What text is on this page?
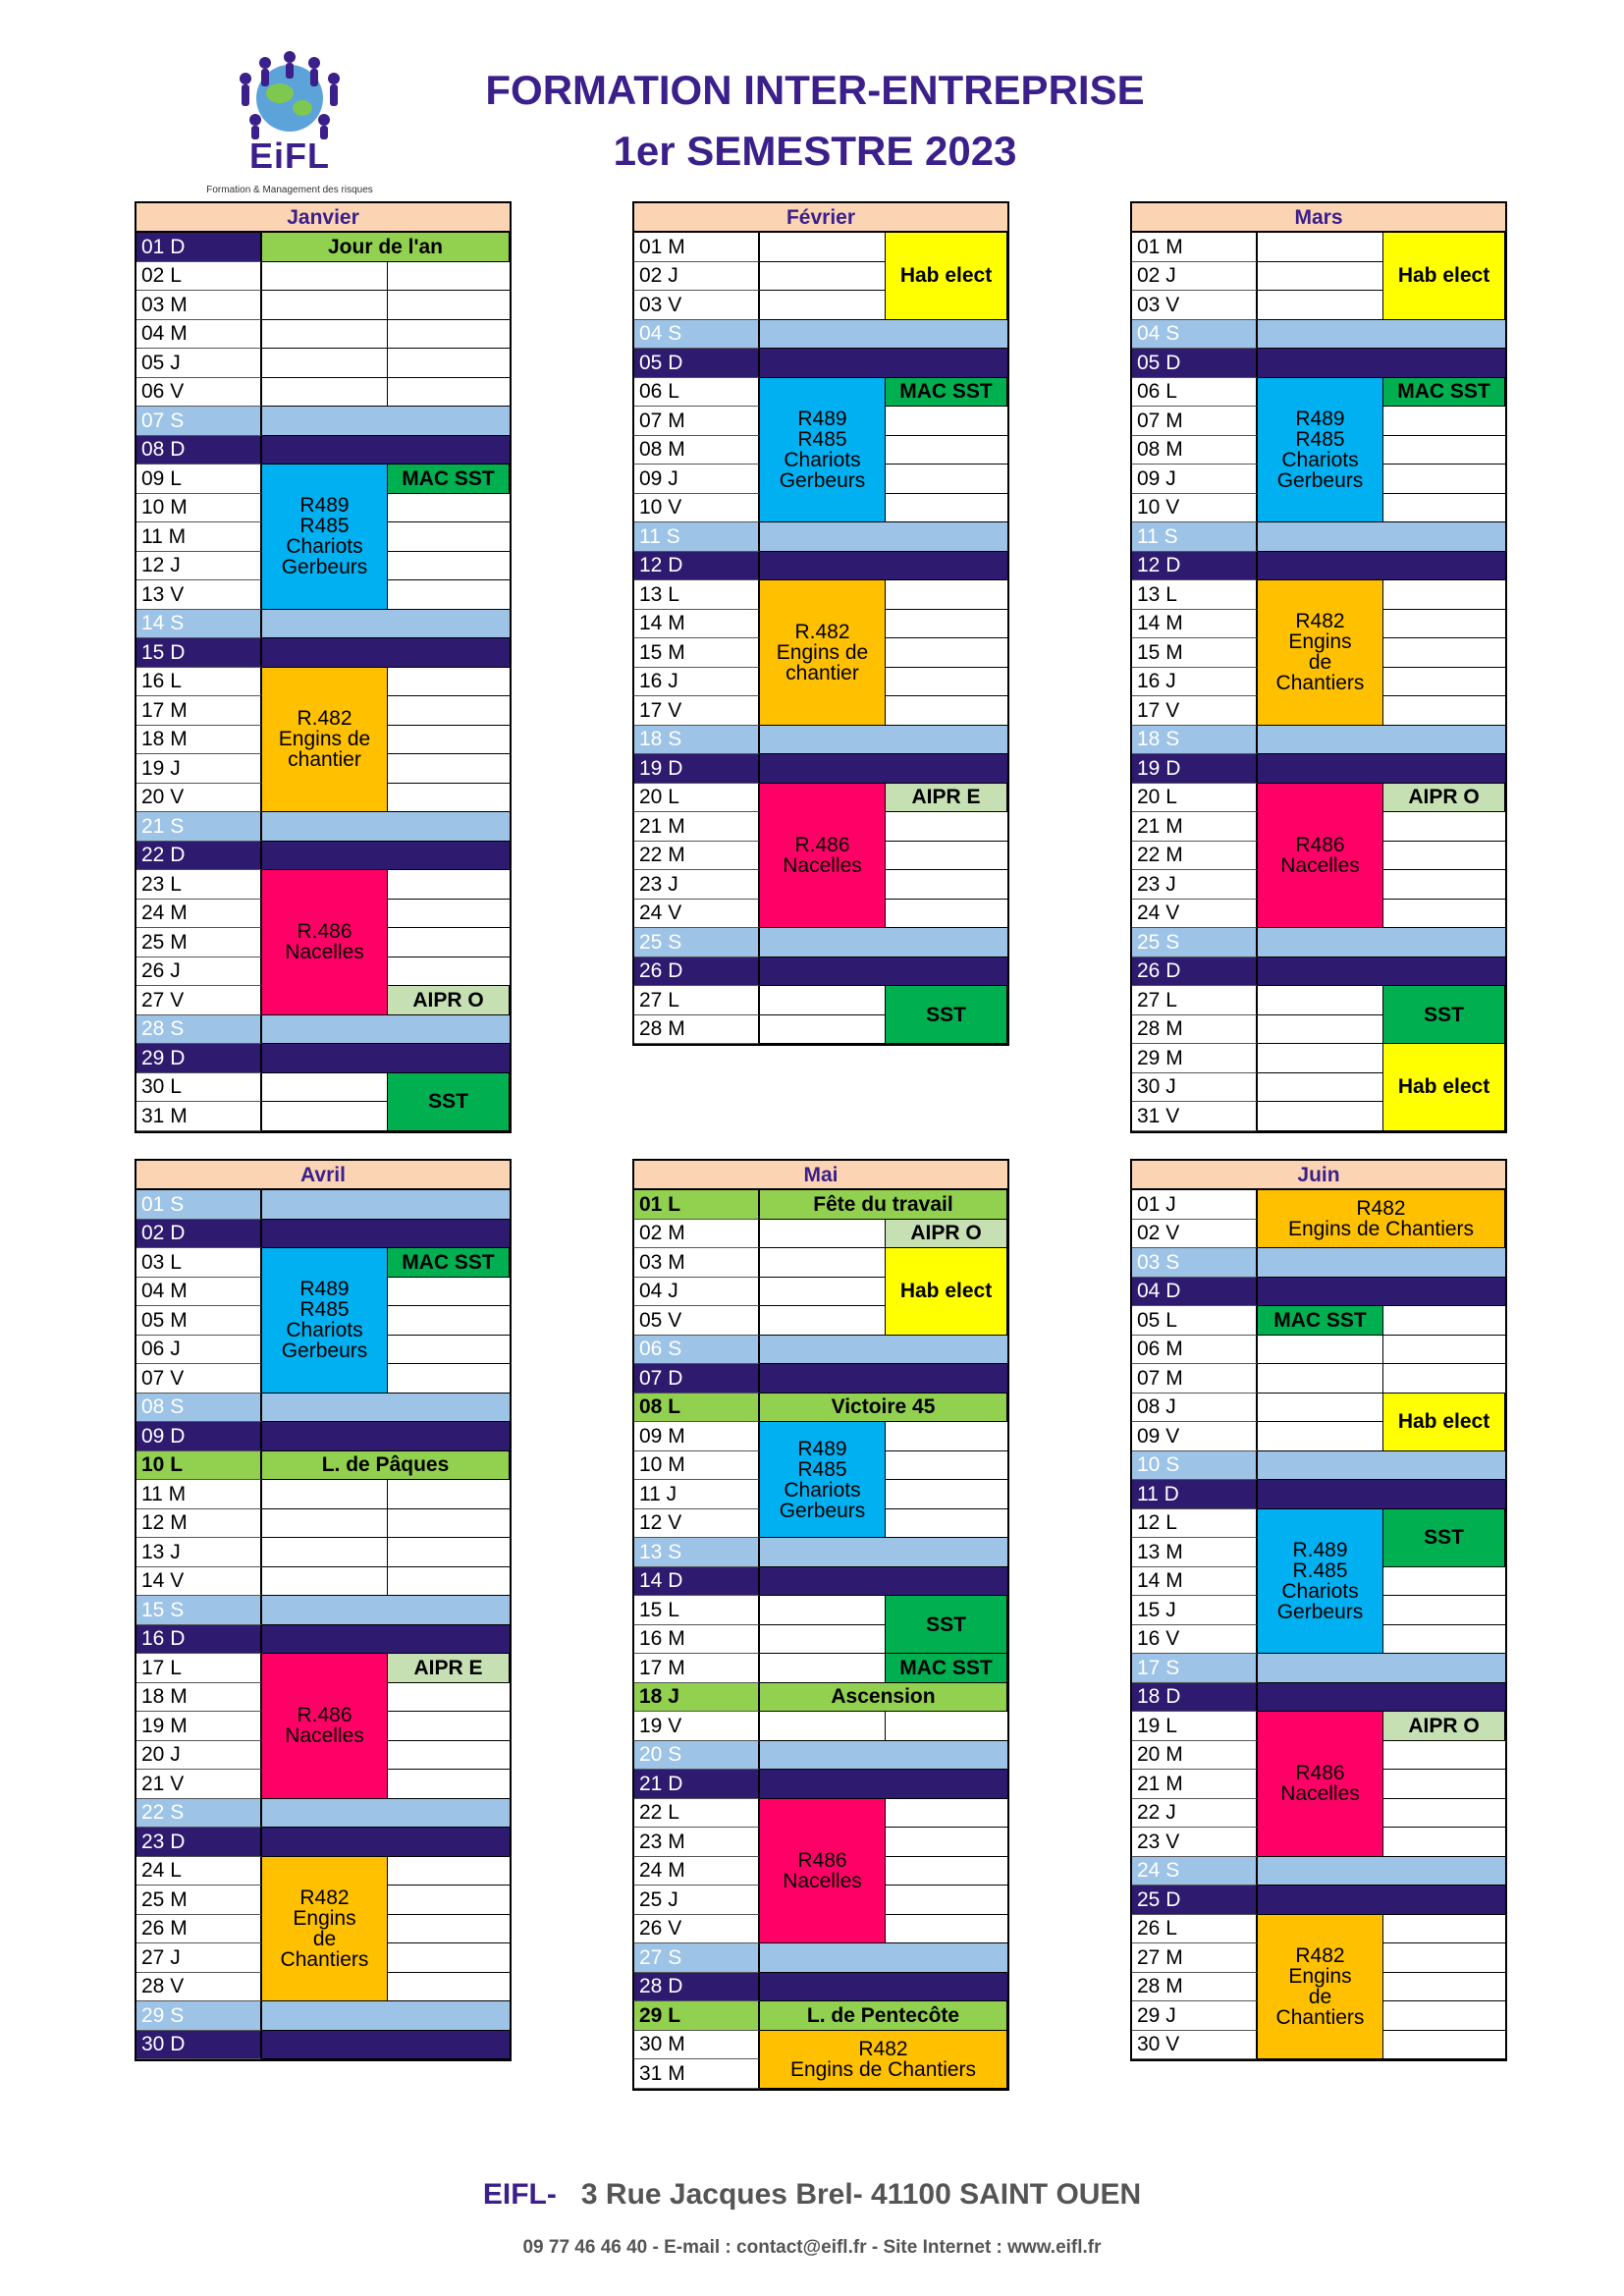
EiFL
Formation & Management des risques
FORMATION INTER-ENTREPRISE
1er SEMESTRE 2023
Janvier
01 D
02 L
03 M
04 M
05 J
06 V
07 S
08 D
09 L
10 M
11 M
12 J
13 V
14 S
15 D
16 L
17 M
18 M
19 J
20 V
21 S
22 D
23 L
24 M
25 M
26 J
27 V
28 S
29 D
30 L
31 M
Jour de l'an
R489
R485
Chariots
Gerbeurs
MAC SST
R.482
Engins de
chantier
R.486
Nacelles
AIPR O
SST
Février
01 M
02 J
03 V
04 S
05 D
06 L
07 M
08 M
09 J
10 V
11 S
12 D
13 L
14 M
15 M
16 J
17 V
18 S
19 D
20 L
21 M
22 M
23 J
24 V
25 S
26 D
27 L
28 M
Hab elect
R489
R485
Chariots
Gerbeurs
MAC SST
R.482
Engins de
chantier
R.486
Nacelles
AIPR E
SST
Mars
01 M
02 J
03 V
04 S
05 D
06 L
07 M
08 M
09 J
10 V
11 S
12 D
13 L
14 M
15 M
16 J
17 V
18 S
19 D
20 L
21 M
22 M
23 J
24 V
25 S
26 D
27 L
28 M
29 M
30 J
31 V
Hab elect
R489
R485
Chariots
Gerbeurs
MAC SST
R482
Engins
de
Chantiers
R486
Nacelles
AIPR O
SST
Hab elect
Avril
01 S
02 D
03 L
04 M
05 M
06 J
07 V
08 S
09 D
10 L
11 M
12 M
13 J
14 V
15 S
16 D
17 L
18 M
19 M
20 J
21 V
22 S
23 D
24 L
25 M
26 M
27 J
28 V
29 S
30 D
R489
R485
Chariots
Gerbeurs
MAC SST
L. de Pâques
R.486
Nacelles
AIPR E
R482
Engins
de
Chantiers
Mai
01 L
02 M
03 M
04 J
05 V
06 S
07 D
08 L
09 M
10 M
11 J
12 V
13 S
14 D
15 L
16 M
17 M
18 J
19 V
20 S
21 D
22 L
23 M
24 M
25 J
26 V
27 S
28 D
29 L
30 M
31 M
Fête du travail
AIPR O
Hab elect
Victoire 45
R489
R485
Chariots
Gerbeurs
SST
MAC SST
Ascension
R486
Nacelles
L. de Pentecôte
R482
Engins de Chantiers
Juin
01 J
02 V
03 S
04 D
05 L
06 M
07 M
08 J
09 V
10 S
11 D
12 L
13 M
14 M
15 J
16 V
17 S
18 D
19 L
20 M
21 M
22 J
23 V
24 S
25 D
26 L
27 M
28 M
29 J
30 V
R482
Engins de Chantiers
MAC SST
Hab elect
R.489
R.485
Chariots
Gerbeurs
SST
R486
Nacelles
AIPR O
R482
Engins
de
Chantiers
EIFL- 3 Rue Jacques Brel- 41100 SAINT OUEN
09 77 46 46 40 - E-mail : contact@eifl.fr - Site Internet : www.eifl.fr
